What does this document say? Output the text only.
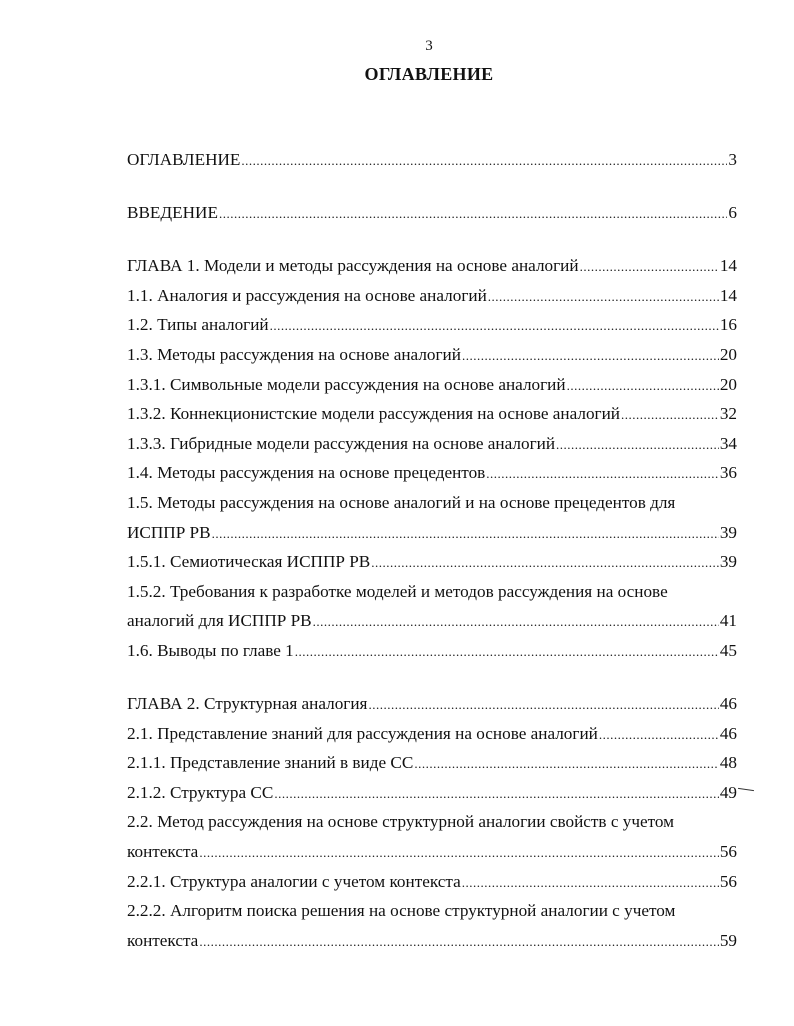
3
ОГЛАВЛЕНИЕ
ОГЛАВЛЕНИЕ .....	3
ВВЕДЕНИЕ .....	6
ГЛАВА 1. Модели и методы рассуждения на основе аналогий .....	14
1.1. Аналогия и рассуждения на основе аналогий .....	14
1.2. Типы аналогий .....	16
1.3. Методы рассуждения на основе аналогий .....	20
1.3.1. Символьные модели рассуждения на основе аналогий .....	20
1.3.2. Коннекционистские модели рассуждения на основе аналогий .....	32
1.3.3. Гибридные модели рассуждения на основе аналогий .....	34
1.4. Методы рассуждения на основе прецедентов .....	36
1.5. Методы рассуждения на основе аналогий и на основе прецедентов для
ИСППР РВ .....	39
1.5.1. Семиотическая ИСППР РВ .....	39
1.5.2. Требования к разработке моделей и методов рассуждения на основе
аналогий для ИСППР РВ .....	41
1.6. Выводы по главе 1 .....	45
ГЛАВА 2. Структурная аналогия .....	46
2.1. Представление знаний для рассуждения на основе аналогий .....	46
2.1.1. Представление знаний в виде СС .....	48
2.1.2. Структура СС .....	49
2.2. Метод рассуждения на основе структурной аналогии свойств с учетом
контекста .....	56
2.2.1. Структура аналогии с учетом контекста .....	56
2.2.2. Алгоритм поиска решения на основе структурной аналогии с учетом
контекста .....	59
